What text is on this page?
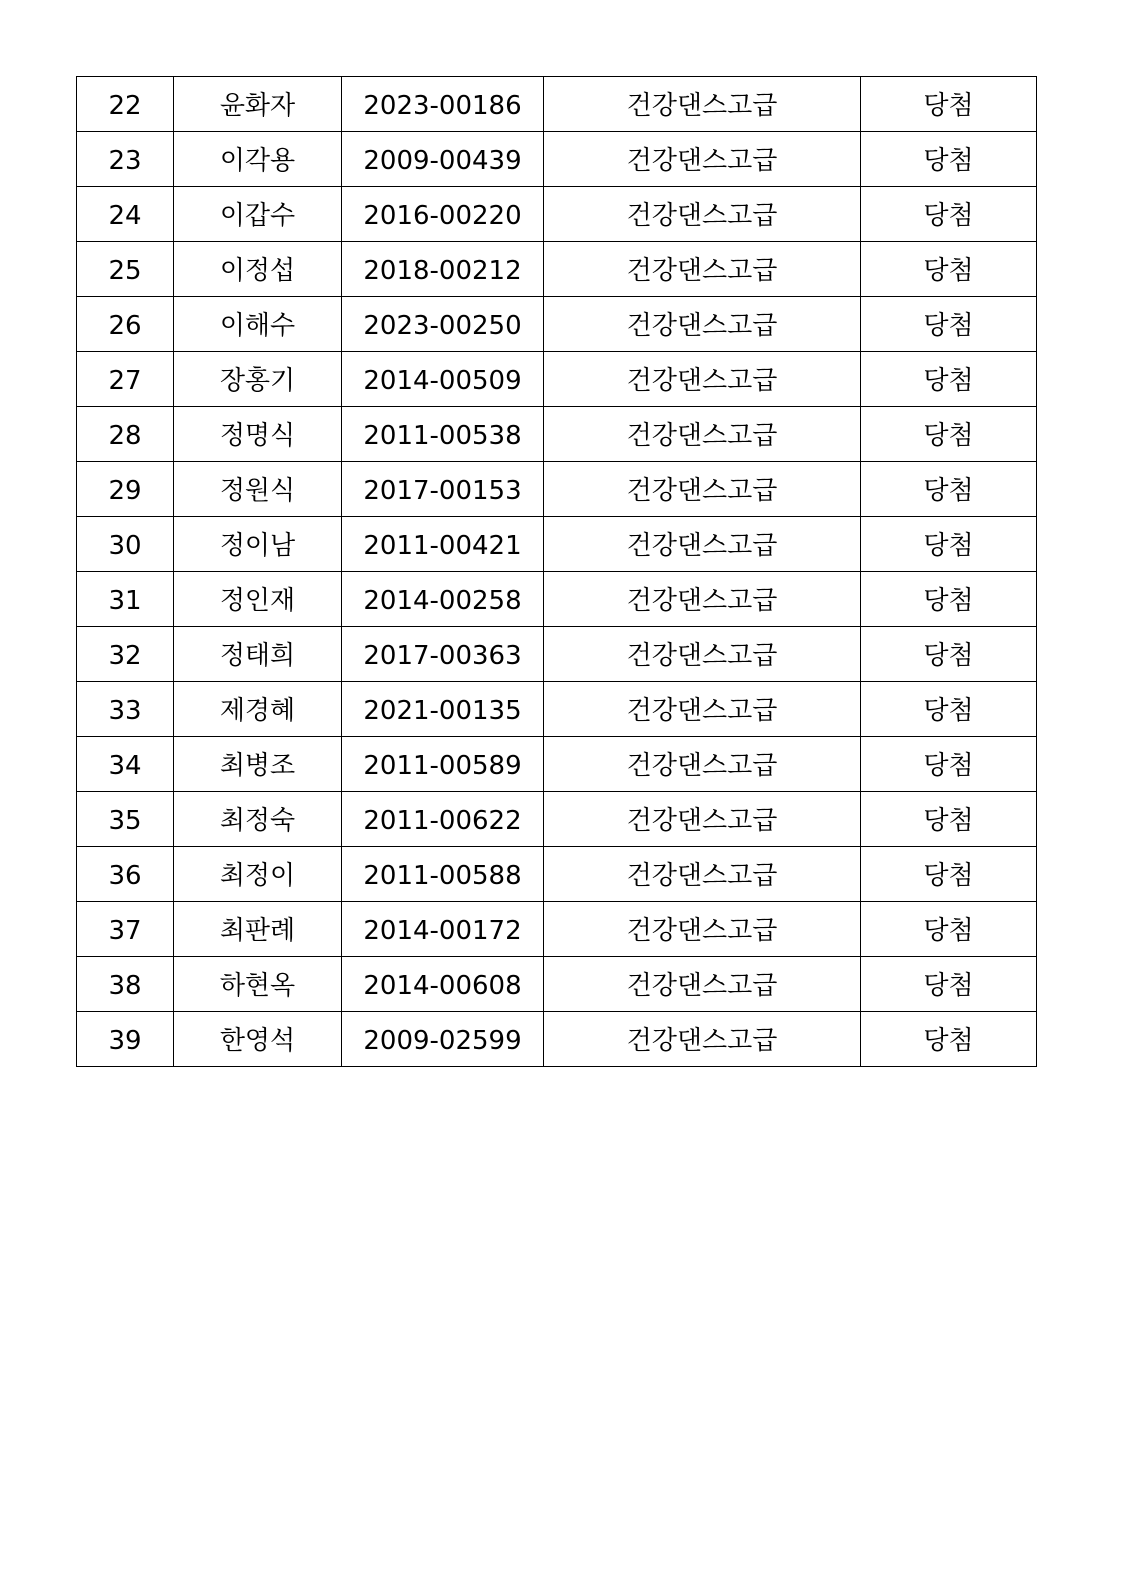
22	윤화자	2023-00186	건강댄스고급	당첨
23	이각용	2009-00439	건강댄스고급	당첨
24	이갑수	2016-00220	건강댄스고급	당첨
25	이정섭	2018-00212	건강댄스고급	당첨
26	이해수	2023-00250	건강댄스고급	당첨
27	장홍기	2014-00509	건강댄스고급	당첨
28	정명식	2011-00538	건강댄스고급	당첨
29	정원식	2017-00153	건강댄스고급	당첨
30	정이남	2011-00421	건강댄스고급	당첨
31	정인재	2014-00258	건강댄스고급	당첨
32	정태희	2017-00363	건강댄스고급	당첨
33	제경혜	2021-00135	건강댄스고급	당첨
34	최병조	2011-00589	건강댄스고급	당첨
35	최정숙	2011-00622	건강댄스고급	당첨
36	최정이	2011-00588	건강댄스고급	당첨
37	최판례	2014-00172	건강댄스고급	당첨
38	하현옥	2014-00608	건강댄스고급	당첨
39	한영석	2009-02599	건강댄스고급	당첨
